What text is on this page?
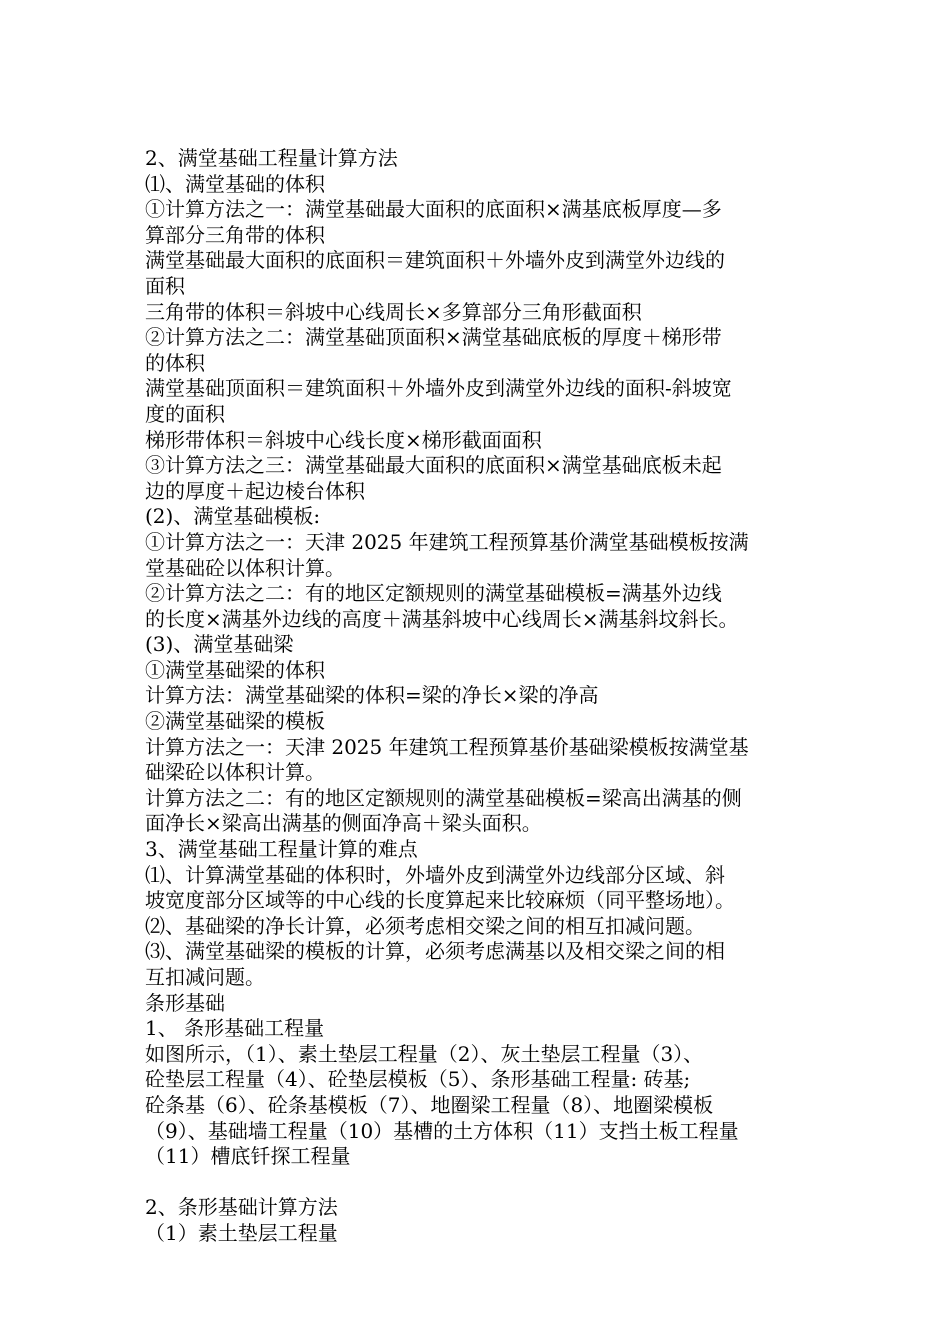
2、满堂基础工程量计算方法
⑴、满堂基础的体积
①计算方法之一：满堂基础最大面积的底面积×满基底板厚度—多
算部分三角带的体积
满堂基础最大面积的底面积＝建筑面积＋外墙外皮到满堂外边线的
面积
三角带的体积＝斜坡中心线周长×多算部分三角形截面积
②计算方法之二：满堂基础顶面积×满堂基础底板的厚度＋梯形带
的体积
满堂基础顶面积＝建筑面积＋外墙外皮到满堂外边线的面积-斜坡宽
度的面积
梯形带体积＝斜坡中心线长度×梯形截面面积
③计算方法之三：满堂基础最大面积的底面积×满堂基础底板未起
边的厚度＋起边棱台体积
(2)、满堂基础模板:
①计算方法之一：天津 2025 年建筑工程预算基价满堂基础模板按满
堂基础砼以体积计算。
②计算方法之二：有的地区定额规则的满堂基础模板=满基外边线
的长度×满基外边线的高度＋满基斜坡中心线周长×满基斜坟斜长。
(3)、满堂基础梁
①满堂基础梁的体积
计算方法：满堂基础梁的体积=梁的净长×梁的净高
②满堂基础梁的模板
计算方法之一：天津 2025 年建筑工程预算基价基础梁模板按满堂基
础梁砼以体积计算。
计算方法之二：有的地区定额规则的满堂基础模板=梁高出满基的侧
面净长×梁高出满基的侧面净高＋梁头面积。
3、满堂基础工程量计算的难点
⑴、计算满堂基础的体积时，外墙外皮到满堂外边线部分区域、斜
坡宽度部分区域等的中心线的长度算起来比较麻烦（同平整场地）。
⑵、基础梁的净长计算，必须考虑相交梁之间的相互扣减问题。
⑶、满堂基础梁的模板的计算，必须考虑满基以及相交梁之间的相
互扣减问题。
条形基础
1、 条形基础工程量
如图所示，（1）、素土垫层工程量（2）、灰土垫层工程量（3）、
砼垫层工程量（4）、砼垫层模板（5）、条形基础工程量: 砖基;
砼条基（6）、砼条基模板（7）、地圈梁工程量（8）、地圈梁模板
（9）、基础墙工程量（10）基槽的土方体积（11）支挡土板工程量
（11）槽底钎探工程量
2、条形基础计算方法
（1）素土垫层工程量
